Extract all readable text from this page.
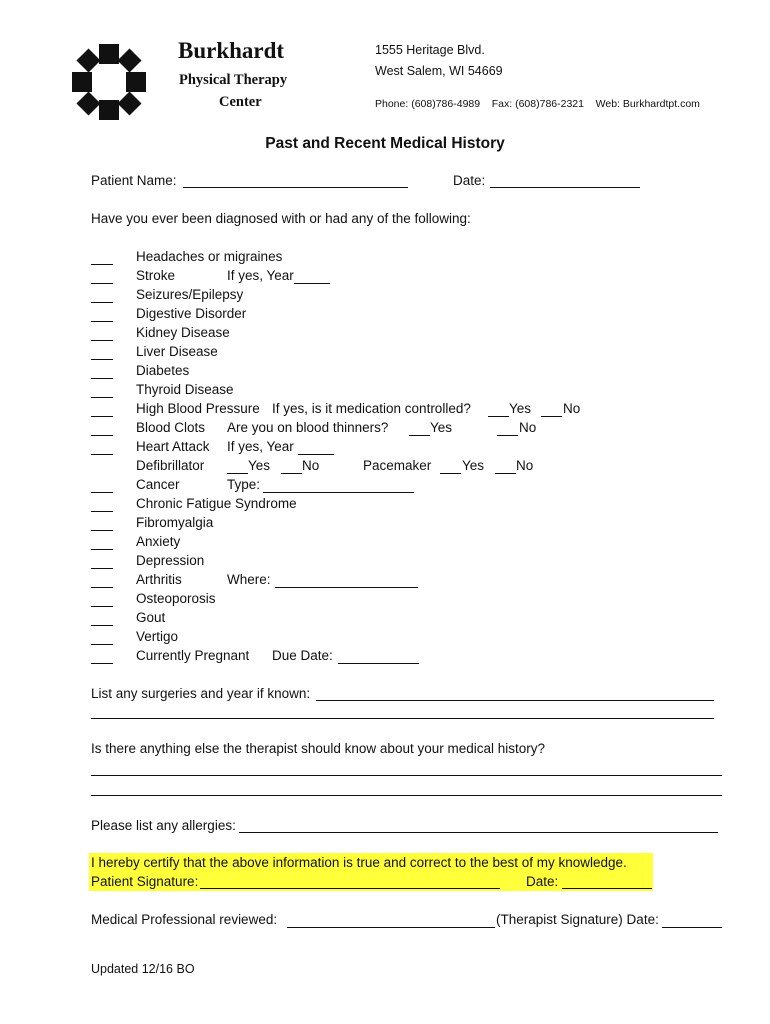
Burkhardt
Physical Therapy
Center
1555 Heritage Blvd.
West Salem, WI 54669
Phone: (608)786-4989    Fax: (608)786-2321    Web: Burkhardtpt.com
Past and Recent Medical History
Patient Name:	Date:
Have you ever been diagnosed with or had any of the following:
Headaches or migraines
Stroke	If yes, Year
Seizures/Epilepsy
Digestive Disorder
Kidney Disease
Liver Disease
Diabetes
Thyroid Disease
High Blood Pressure If yes, is it medication controlled?	Yes No
Blood Clots Are you on blood thinners?	Yes	No
Heart Attack If yes, Year
Defibrillator	Yes No	Pacemaker Yes No
Cancer	Type:
Chronic Fatigue Syndrome
Fibromyalgia
Anxiety
Depression
Arthritis	Where:
Osteoporosis
Gout
Vertigo
Currently Pregnant Due Date:
List any surgeries and year if known:
Is there anything else the therapist should know about your medical history?
Please list any allergies:
I hereby certify that the above information is true and correct to the best of my knowledge.
Patient Signature:	Date:
Medical Professional reviewed:	(Therapist Signature) Date:
Updated 12/16 BO
